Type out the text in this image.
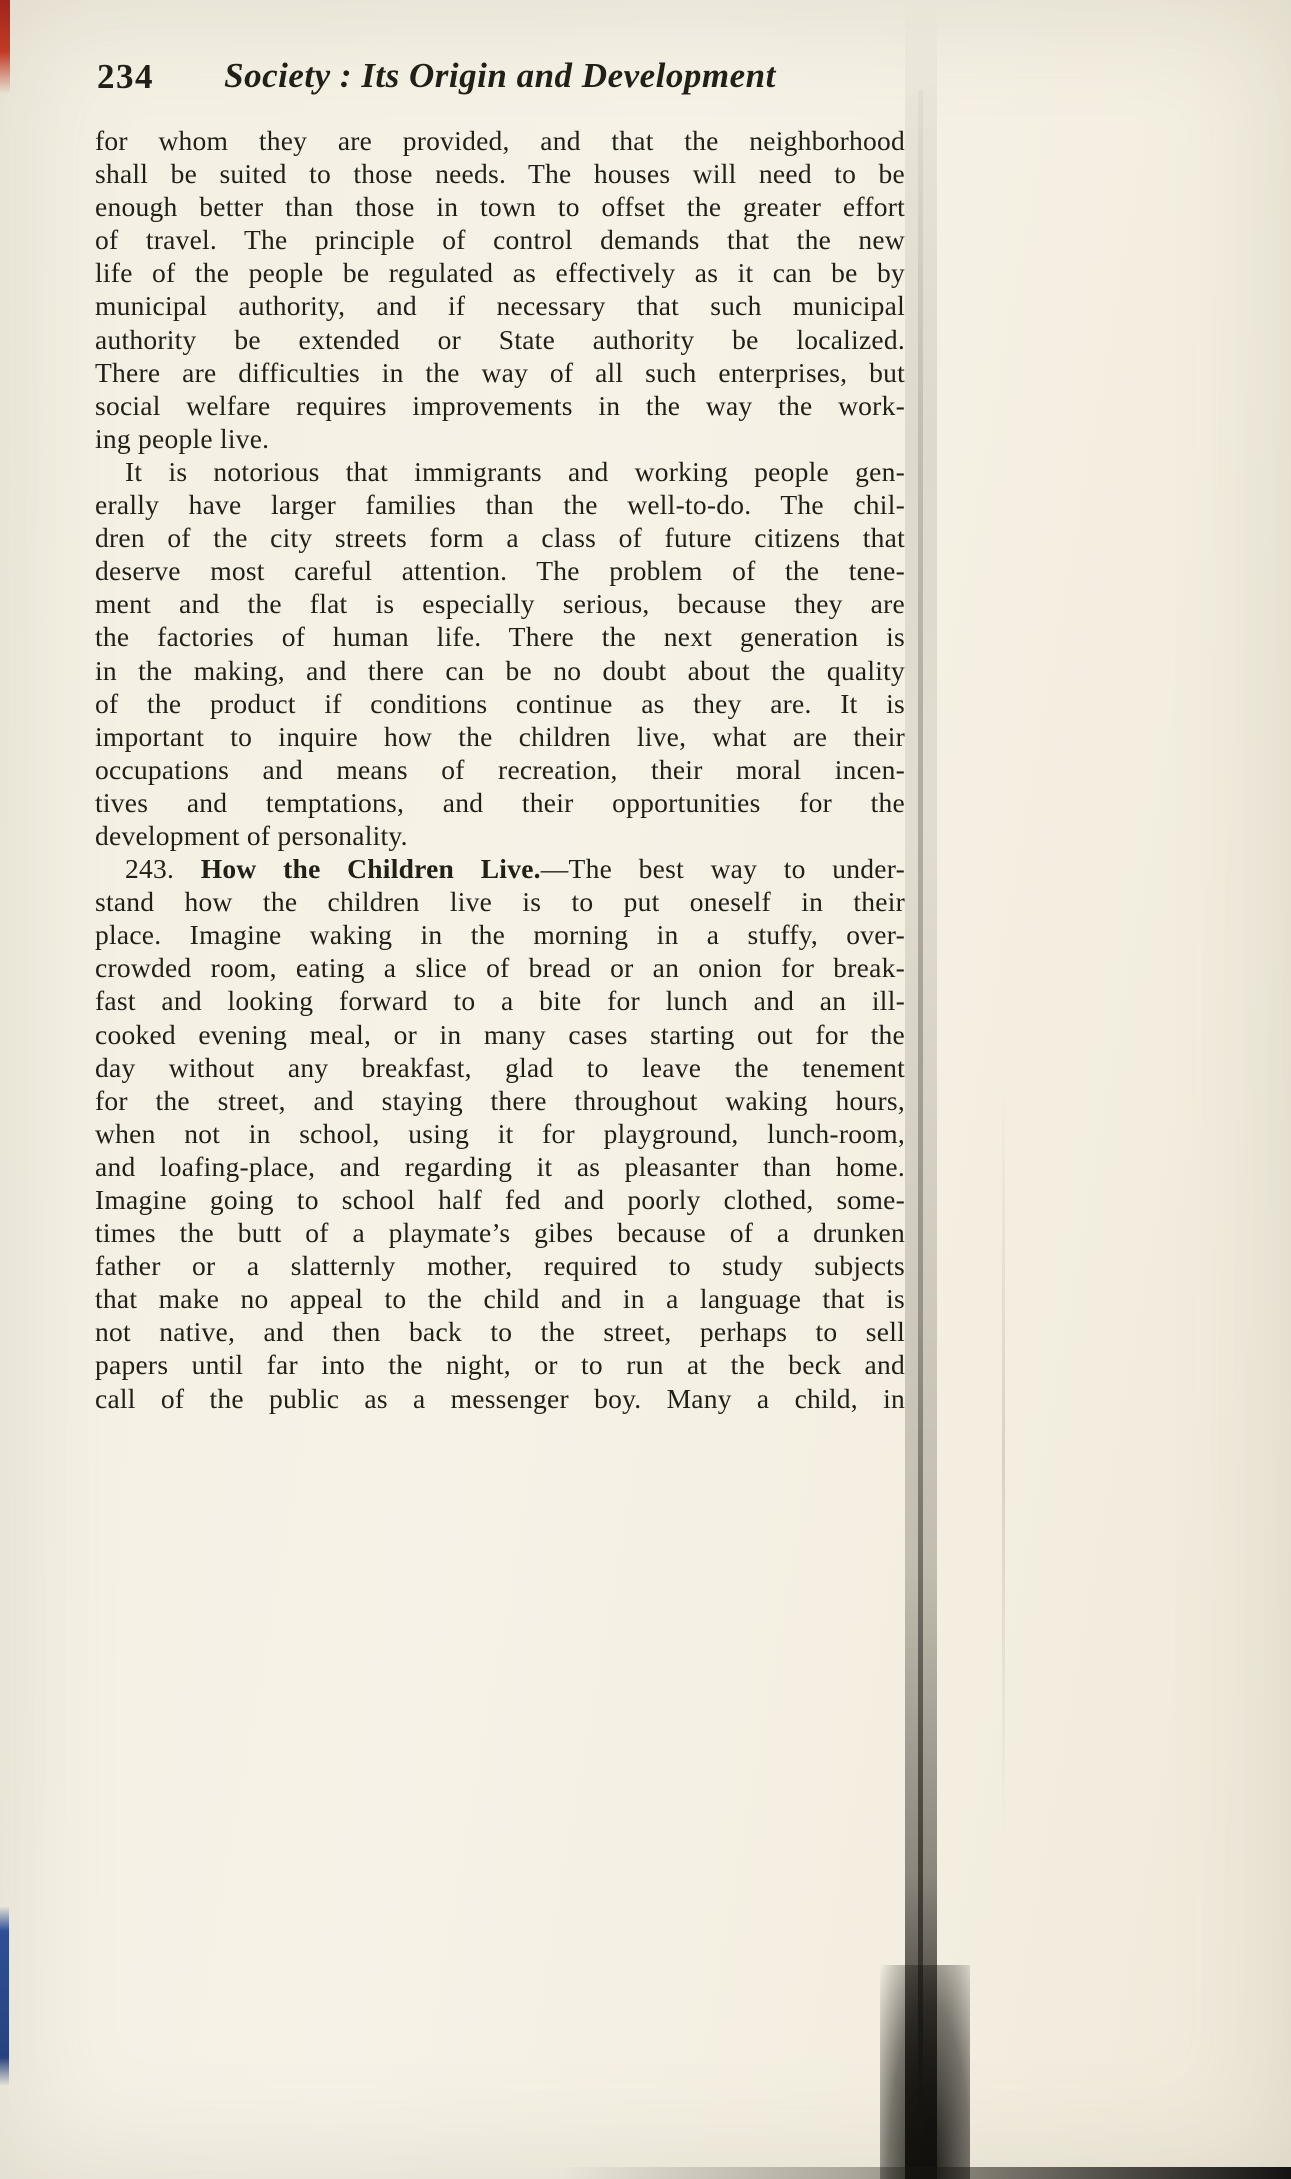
234	Society : Its Origin and Development
for whom they are provided, and that the neighborhood
shall be suited to those needs. The houses will need to be
enough better than those in town to offset the greater effort
of travel. The principle of control demands that the new
life of the people be regulated as effectively as it can be by
municipal authority, and if necessary that such municipal
authority be extended or State authority be localized.
There are difficulties in the way of all such enterprises, but
social welfare requires improvements in the way the work-
ing people live.
It is notorious that immigrants and working people gen-
erally have larger families than the well-to-do. The chil-
dren of the city streets form a class of future citizens that
deserve most careful attention. The problem of the tene-
ment and the flat is especially serious, because they are
the factories of human life. There the next generation is
in the making, and there can be no doubt about the quality
of the product if conditions continue as they are. It is
important to inquire how the children live, what are their
occupations and means of recreation, their moral incen-
tives and temptations, and their opportunities for the
development of personality.
243. How the Children Live.—The best way to under-
stand how the children live is to put oneself in their
place. Imagine waking in the morning in a stuffy, over-
crowded room, eating a slice of bread or an onion for break-
fast and looking forward to a bite for lunch and an ill-
cooked evening meal, or in many cases starting out for the
day without any breakfast, glad to leave the tenement
for the street, and staying there throughout waking hours,
when not in school, using it for playground, lunch-room,
and loafing-place, and regarding it as pleasanter than home.
Imagine going to school half fed and poorly clothed, some-
times the butt of a playmate’s gibes because of a drunken
father or a slatternly mother, required to study subjects
that make no appeal to the child and in a language that is
not native, and then back to the street, perhaps to sell
papers until far into the night, or to run at the beck and
call of the public as a messenger boy. Many a child, in
